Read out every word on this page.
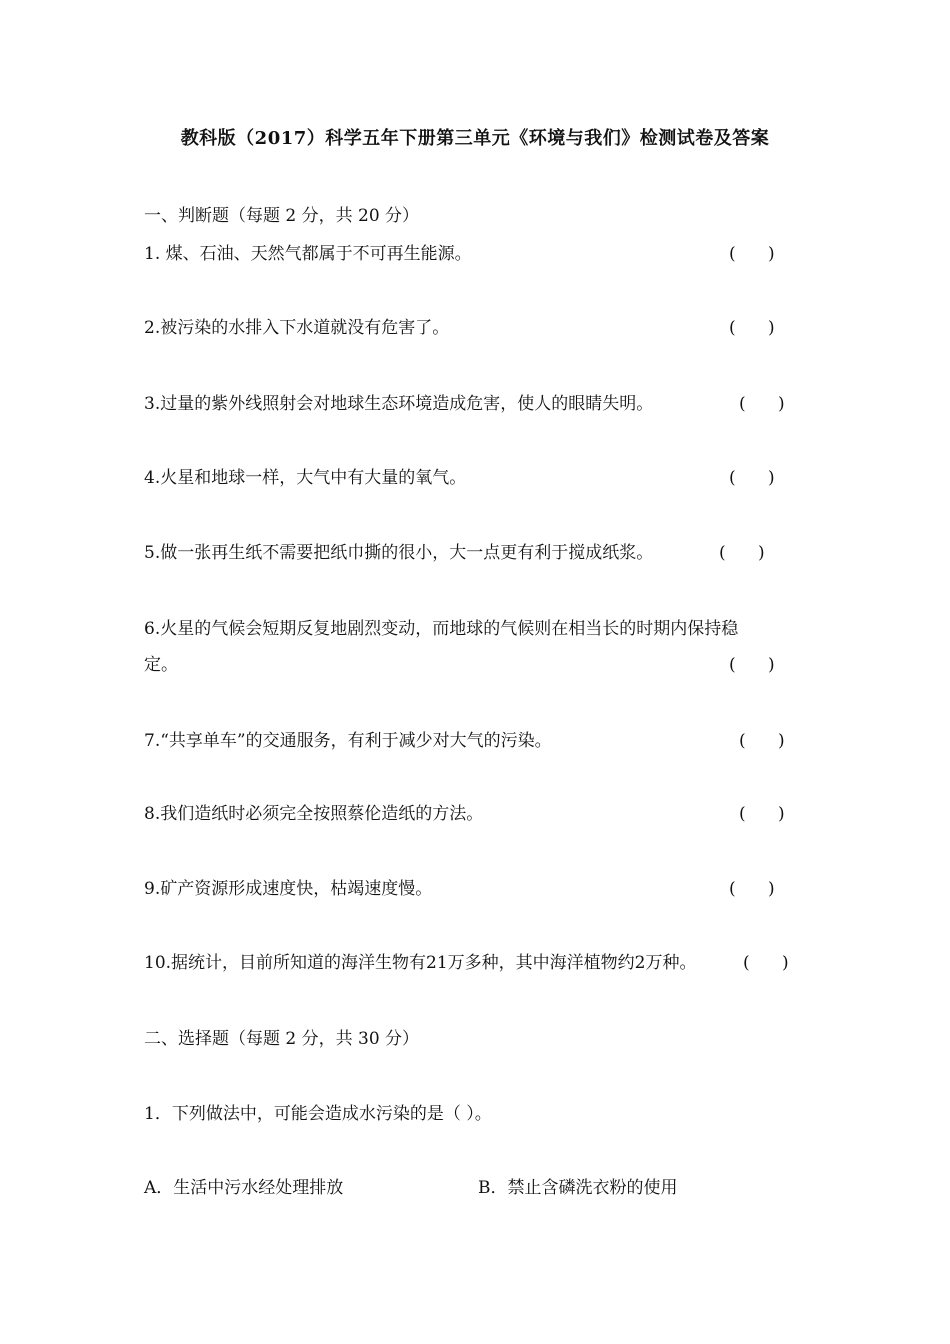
教科版（2017）科学五年下册第三单元《环境与我们》检测试卷及答案
一、判断题（每题 2 分，共 20 分）
1. 煤、石油、天然气都属于不可再生能源。	(      )
2.被污染的水排入下水道就没有危害了。	(      )
3.过量的紫外线照射会对地球生态环境造成危害，使人的眼睛失明。	(      )
4.火星和地球一样，大气中有大量的氧气。	(      )
5.做一张再生纸不需要把纸巾撕的很小，大一点更有利于搅成纸浆。	(      )
6.火星的气候会短期反复地剧烈变动，而地球的气候则在相当长的时期内保持稳
定。	(      )
7.“共享单车”的交通服务，有利于减少对大气的污染。	(      )
8.我们造纸时必须完全按照蔡伦造纸的方法。	(      )
9.矿产资源形成速度快，枯竭速度慢。	(      )
10.据统计，目前所知道的海洋生物有21万多种，其中海洋植物约2万种。	(      )
二、选择题（每题 2 分，共 30 分）
1．下列做法中，可能会造成水污染的是（ ）。
A．生活中污水经处理排放	B．禁止含磷洗衣粉的使用
